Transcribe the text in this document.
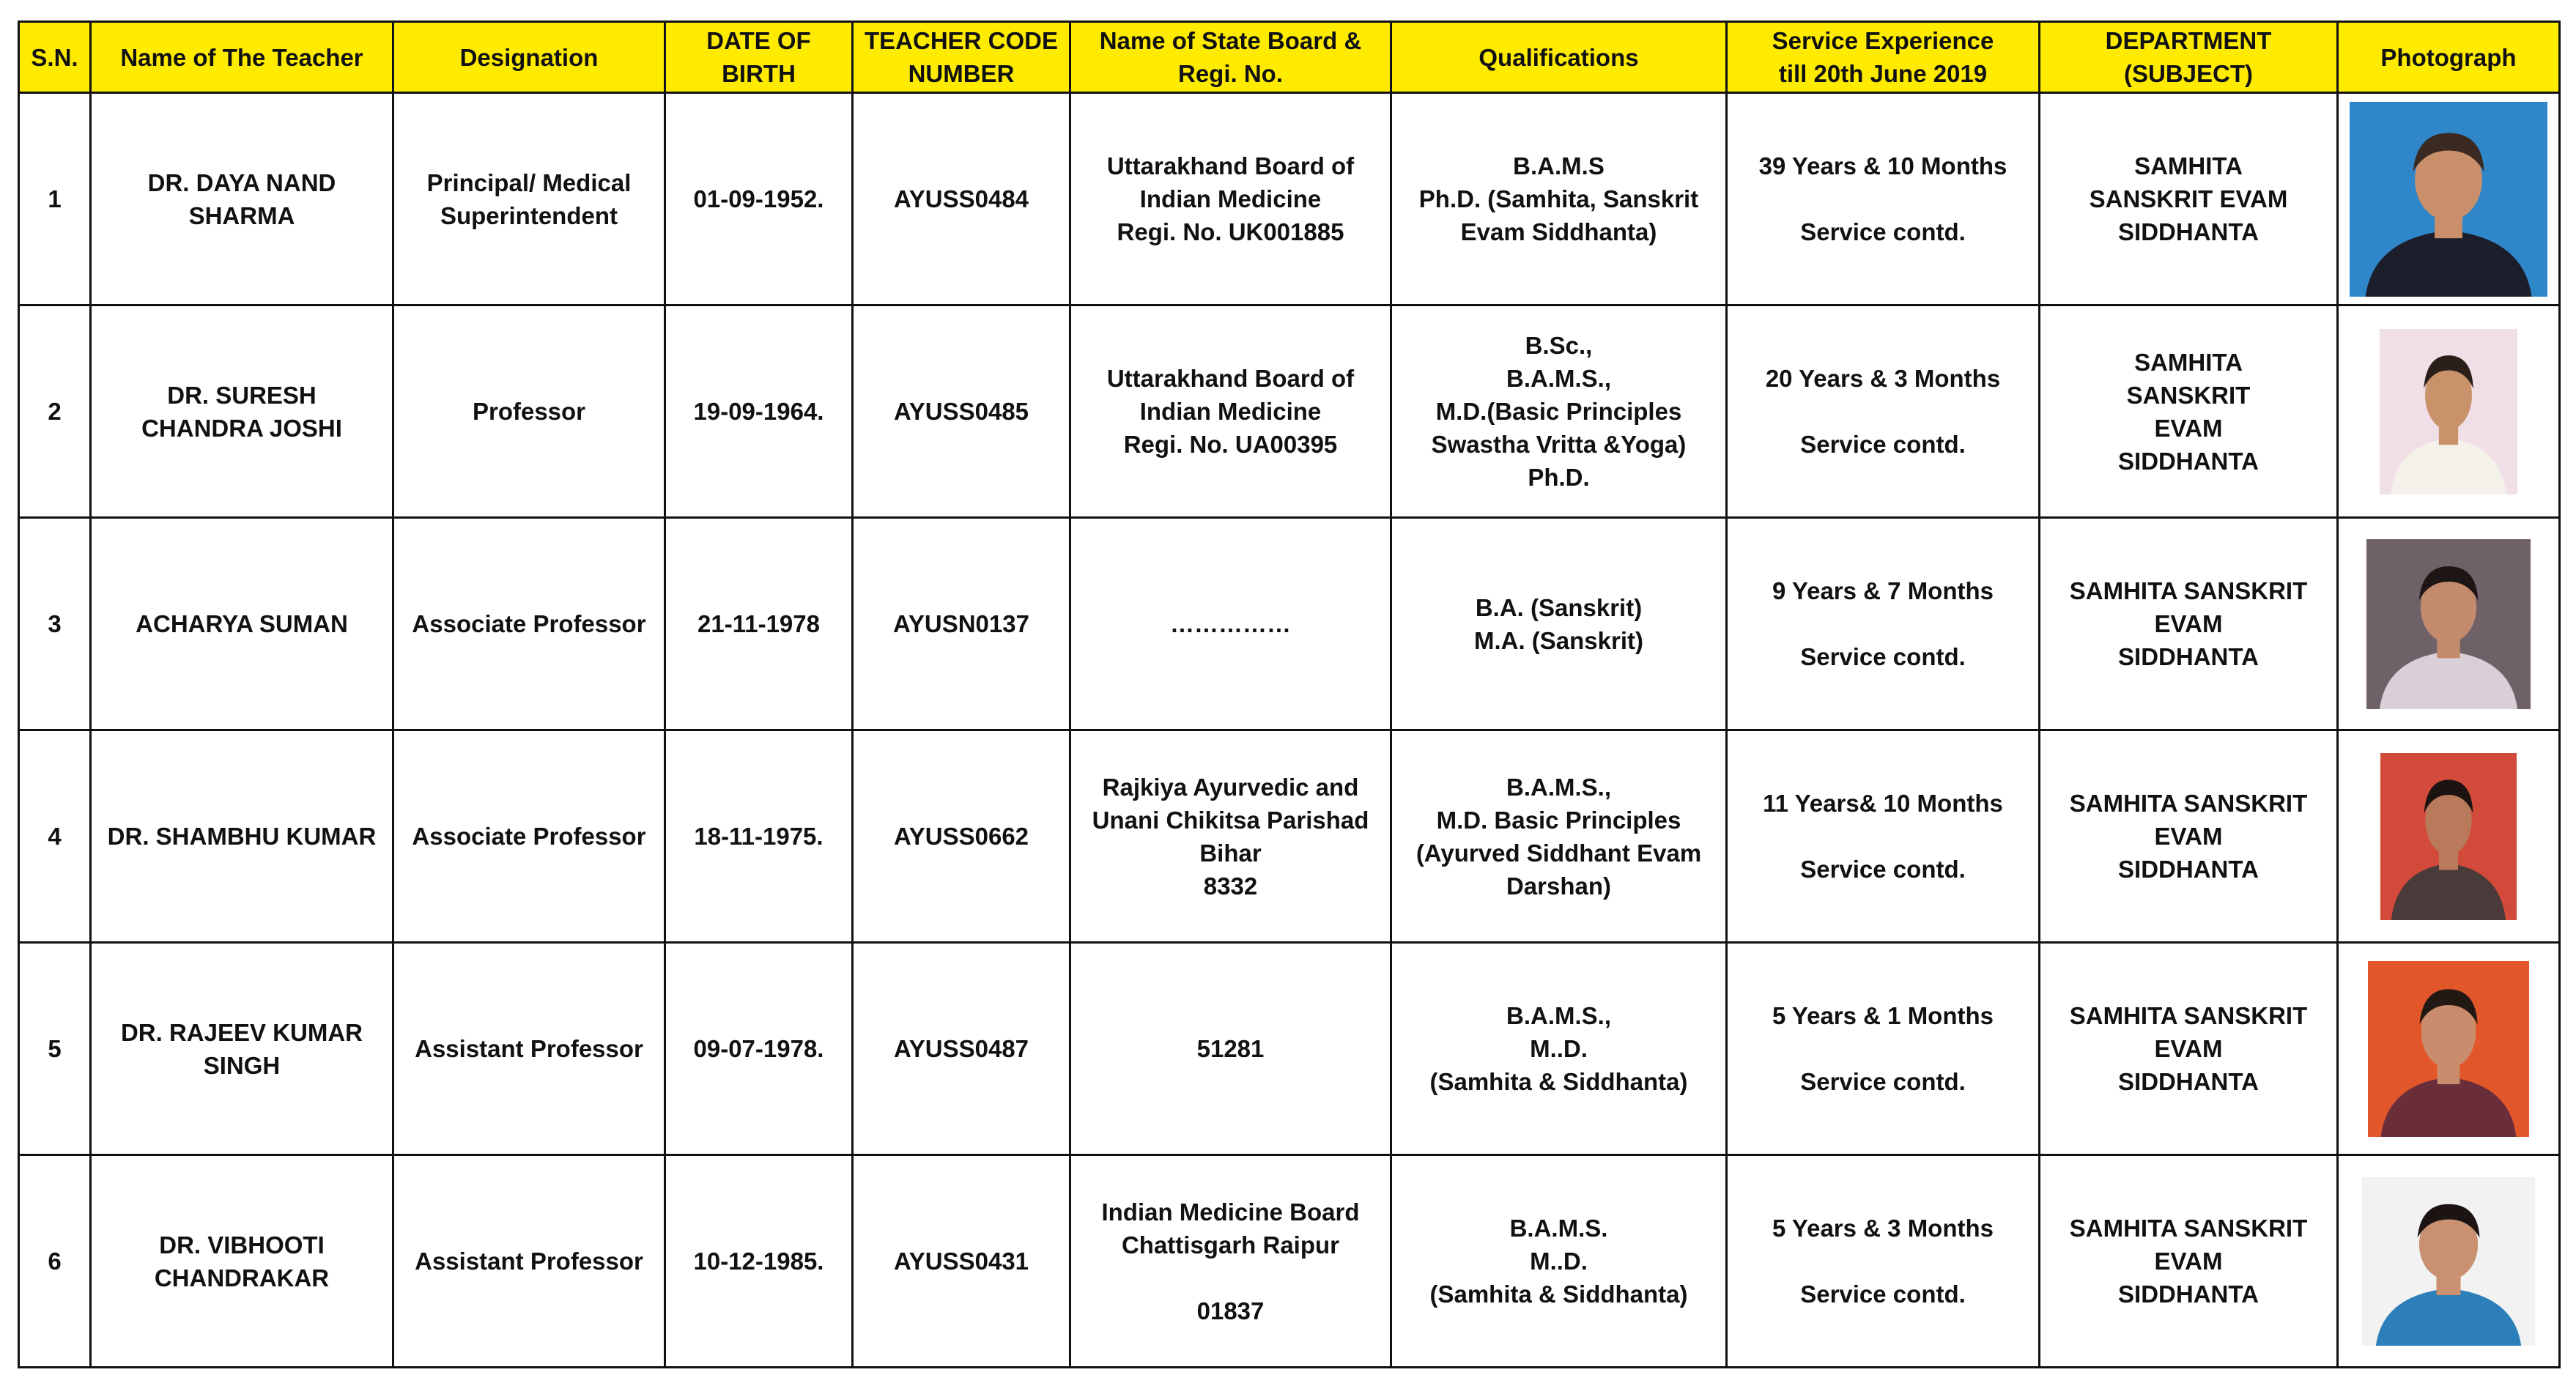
S.N.	Name of The Teacher	Designation	DATE OF
BIRTH	TEACHER CODE
NUMBER	Name of State Board &
Regi. No.	Qualifications	Service Experience
till 20th June 2019	DEPARTMENT
(SUBJECT)	Photograph

1	DR. DAYA NAND
SHARMA	Principal/ Medical
Superintendent	01-09-1952.	AYUSS0484	Uttarakhand Board of
Indian Medicine
Regi. No. UK001885	B.A.M.S
Ph.D. (Samhita, Sanskrit
Evam Siddhanta)	39 Years & 10 Months
Service contd.	SAMHITA
SANSKRIT EVAM
SIDDHANTA

2	DR. SURESH
CHANDRA JOSHI	Professor	19-09-1964.	AYUSS0485	Uttarakhand Board of
Indian Medicine
Regi. No. UA00395	B.Sc.,
B.A.M.S.,
M.D.(Basic Principles
Swastha Vritta &Yoga)
Ph.D.	20 Years & 3 Months
Service contd.	SAMHITA
SANSKRIT
EVAM
SIDDHANTA

3	ACHARYA SUMAN	Associate Professor	21-11-1978	AYUSN0137	……………	B.A. (Sanskrit)
M.A. (Sanskrit)	9 Years & 7 Months
Service contd.	SAMHITA SANSKRIT
EVAM
SIDDHANTA

4	DR. SHAMBHU KUMAR	Associate Professor	18-11-1975.	AYUSS0662	Rajkiya Ayurvedic and
Unani Chikitsa Parishad
Bihar
8332	B.A.M.S.,
M.D. Basic Principles
(Ayurved Siddhant Evam
Darshan)	11 Years& 10 Months
Service contd.	SAMHITA SANSKRIT
EVAM
SIDDHANTA

5	DR. RAJEEV KUMAR
SINGH	Assistant Professor	09-07-1978.	AYUSS0487	51281	B.A.M.S.,
M..D.
(Samhita & Siddhanta)	5 Years & 1 Months
Service contd.	SAMHITA SANSKRIT
EVAM
SIDDHANTA

6	DR. VIBHOOTI
CHANDRAKAR	Assistant Professor	10-12-1985.	AYUSS0431	Indian Medicine Board
Chattisgarh Raipur
01837	B.A.M.S.
M..D.
(Samhita & Siddhanta)	5 Years & 3 Months
Service contd.	SAMHITA SANSKRIT
EVAM
SIDDHANTA
